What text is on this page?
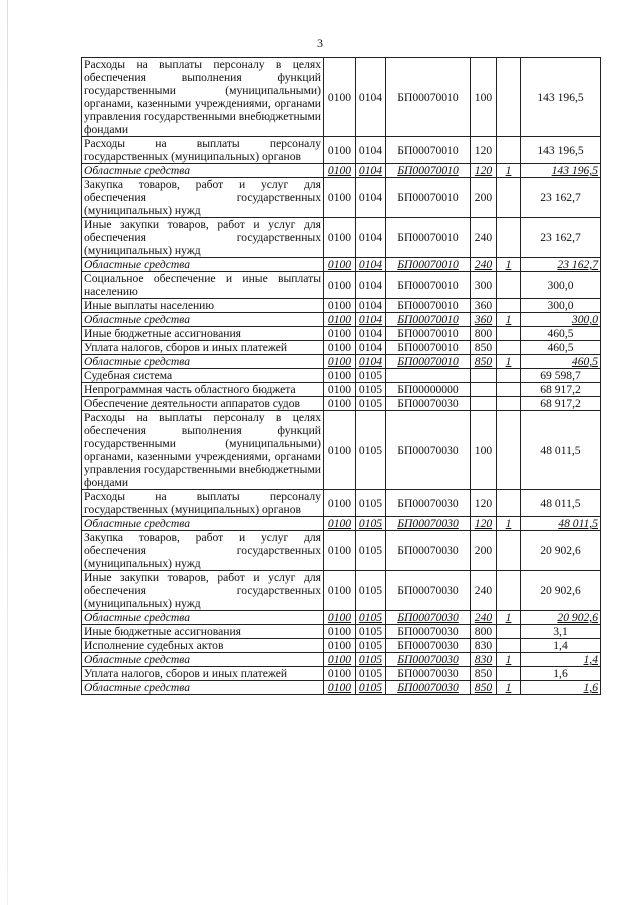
3
Расходы на выплаты персоналу в целях обеспечения выполнения функций государственными (муниципальными) органами, казенными учреждениями, органами управления государственными внебюджетными фондами	0100	0104	БП00070010	100		143 196,5
Расходы на выплаты персоналу государственных (муниципальных) органов	0100	0104	БП00070010	120		143 196,5
Областные средства	0100	0104	БП00070010	120	1	143 196,5
Закупка товаров, работ и услуг для обеспечения государственных (муниципальных) нужд	0100	0104	БП00070010	200		23 162,7
Иные закупки товаров, работ и услуг для обеспечения государственных (муниципальных) нужд	0100	0104	БП00070010	240		23 162,7
Областные средства	0100	0104	БП00070010	240	1	23 162,7
Социальное обеспечение и иные выплаты населению	0100	0104	БП00070010	300		300,0
Иные выплаты населению	0100	0104	БП00070010	360		300,0
Областные средства	0100	0104	БП00070010	360	1	300,0
Иные бюджетные ассигнования	0100	0104	БП00070010	800		460,5
Уплата налогов, сборов и иных платежей	0100	0104	БП00070010	850		460,5
Областные средства	0100	0104	БП00070010	850	1	460,5
Судебная система	0100	0105				69 598,7
Непрограммная часть областного бюджета	0100	0105	БП00000000			68 917,2
Обеспечение деятельности аппаратов судов	0100	0105	БП00070030			68 917,2
Расходы на выплаты персоналу в целях обеспечения выполнения функций государственными (муниципальными) органами, казенными учреждениями, органами управления государственными внебюджетными фондами	0100	0105	БП00070030	100		48 011,5
Расходы на выплаты персоналу государственных (муниципальных) органов	0100	0105	БП00070030	120		48 011,5
Областные средства	0100	0105	БП00070030	120	1	48 011,5
Закупка товаров, работ и услуг для обеспечения государственных (муниципальных) нужд	0100	0105	БП00070030	200		20 902,6
Иные закупки товаров, работ и услуг для обеспечения государственных (муниципальных) нужд	0100	0105	БП00070030	240		20 902,6
Областные средства	0100	0105	БП00070030	240	1	20 902,6
Иные бюджетные ассигнования	0100	0105	БП00070030	800		3,1
Исполнение судебных актов	0100	0105	БП00070030	830		1,4
Областные средства	0100	0105	БП00070030	830	1	1,4
Уплата налогов, сборов и иных платежей	0100	0105	БП00070030	850		1,6
Областные средства	0100	0105	БП00070030	850	1	1,6
